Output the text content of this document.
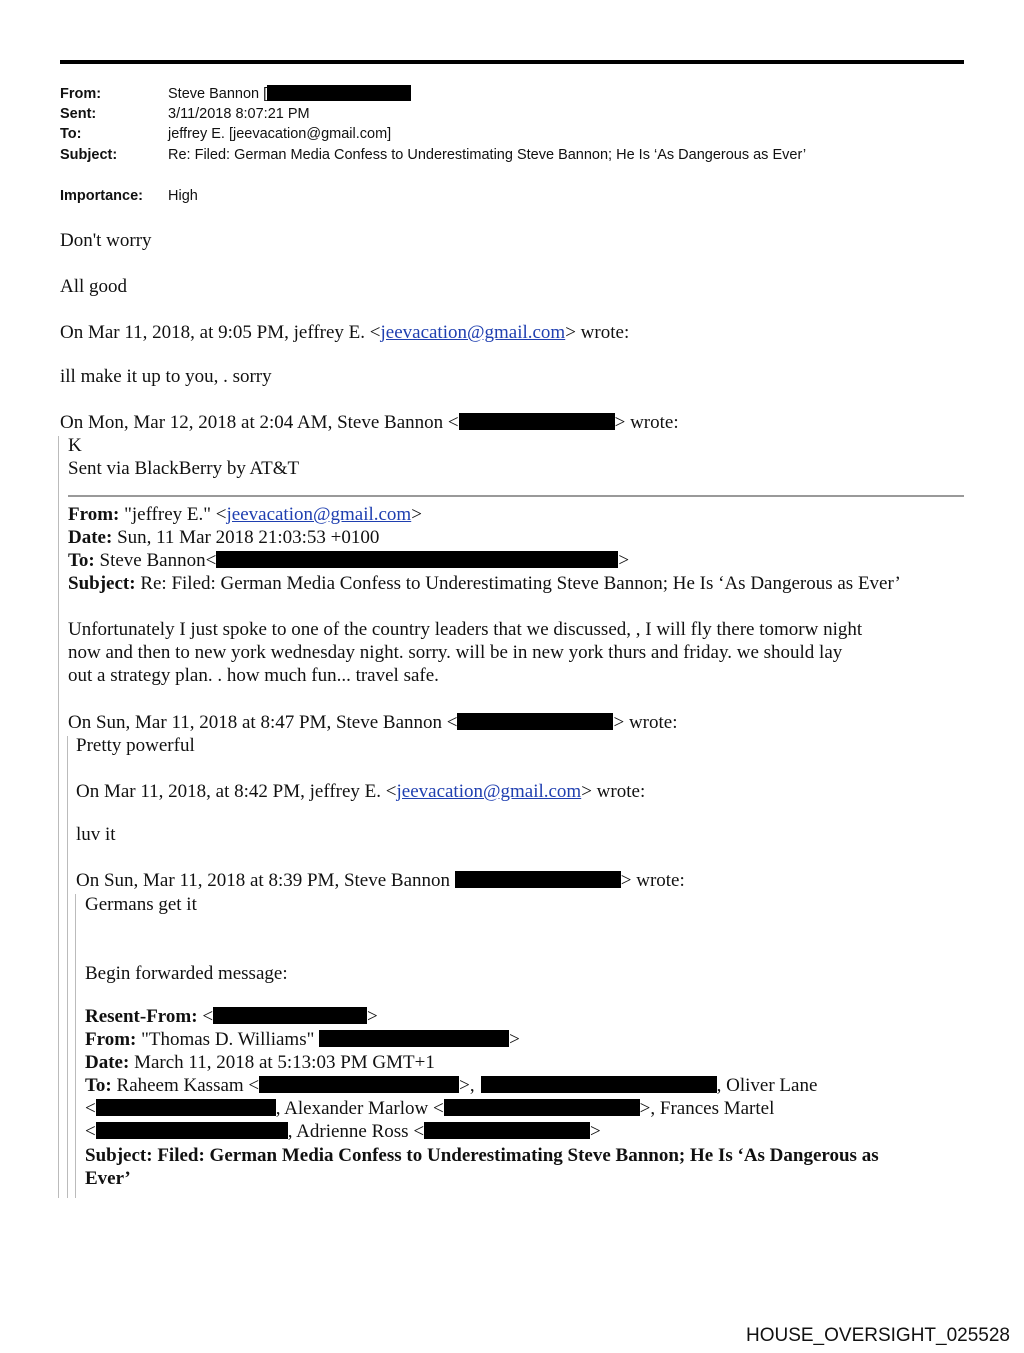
From:	Steve Bannon [
Sent:	3/11/2018 8:07:21 PM
To:	jeffrey E. [jeevacation@gmail.com]
Subject:	Re: Filed: German Media Confess to Underestimating Steve Bannon; He Is ‘As Dangerous as Ever’
Importance: High
Don't worry
All good
On Mar 11, 2018, at 9:05 PM, jeffrey E. <jeevacation@gmail.com> wrote:
ill make it up to you, . sorry
On Mon, Mar 12, 2018 at 2:04 AM, Steve Bannon <	> wrote:
K
Sent via BlackBerry by AT&T
From: "jeffrey E." <jeevacation@gmail.com>
Date: Sun, 11 Mar 2018 21:03:53 +0100
To: Steve Bannon<	>
Subject: Re: Filed: German Media Confess to Underestimating Steve Bannon; He Is ‘As Dangerous as Ever’
Unfortunately I just spoke to one of the country leaders that we discussed, , I will fly there tomorw night
now and then to new york wednesday night. sorry. will be in new york thurs and friday. we should lay
out a strategy plan. . how much fun... travel safe.
On Sun, Mar 11, 2018 at 8:47 PM, Steve Bannon <	> wrote:
Pretty powerful
On Mar 11, 2018, at 8:42 PM, jeffrey E. <jeevacation@gmail.com> wrote:
luv it
On Sun, Mar 11, 2018 at 8:39 PM, Steve Bannon	> wrote:
Germans get it
Begin forwarded message:
Resent-From: <	>
From: "Thomas D. Williams"	>
Date: March 11, 2018 at 5:13:03 PM GMT+1
To: Raheem Kassam <	>,	, Oliver Lane
<	, Alexander Marlow <	>, Frances Martel
<	, Adrienne Ross <	>
Subject: Filed: German Media Confess to Underestimating Steve Bannon; He Is ‘As Dangerous as
Ever’
HOUSE_OVERSIGHT_025528
